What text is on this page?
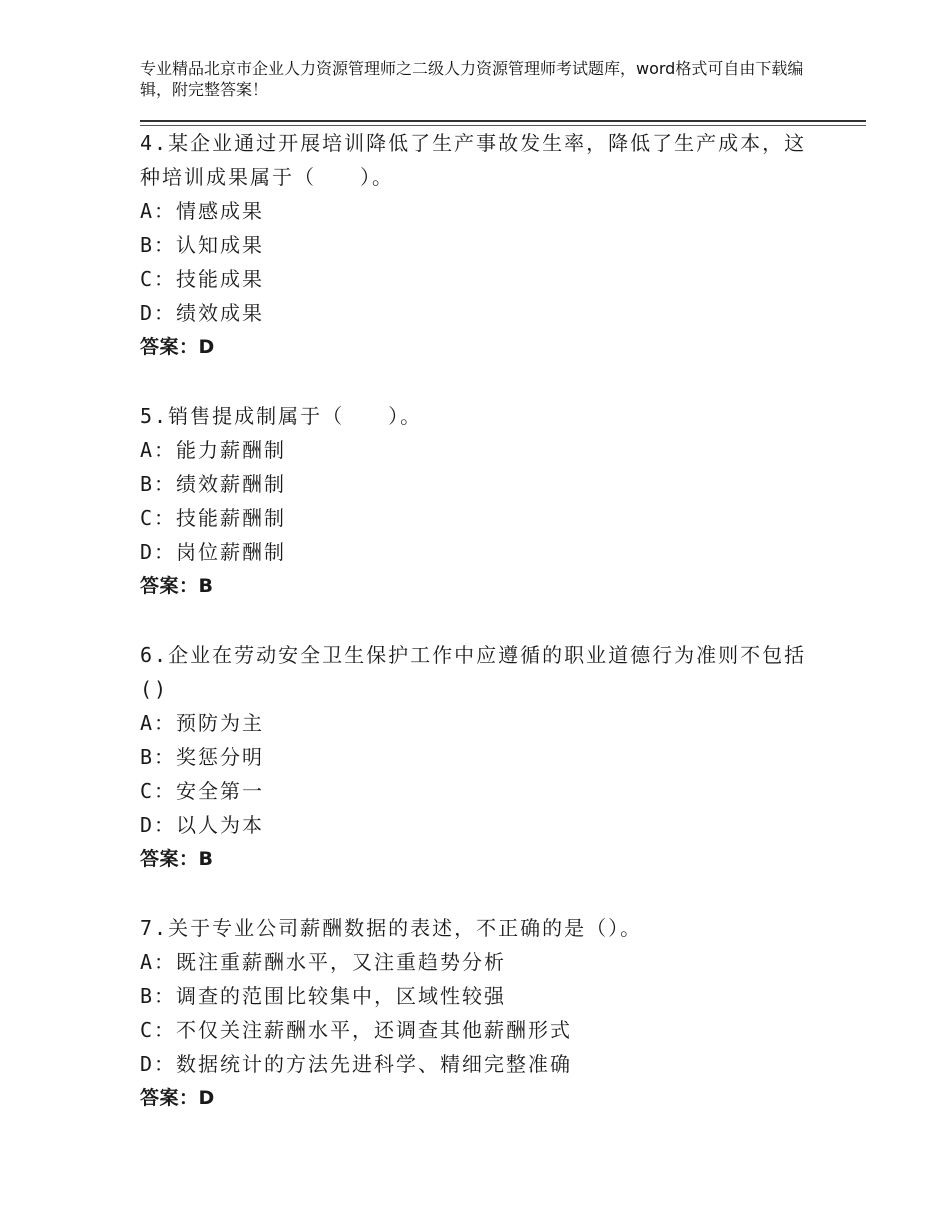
专业精品北京市企业人力资源管理师之二级人力资源管理师考试题库，word格式可自由下载编辑，附完整答案！

4.某企业通过开展培训降低了生产事故发生率，降低了生产成本，这种培训成果属于（　　）。

A：情感成果

B：认知成果

C：技能成果

D：绩效成果

答案：D

5.销售提成制属于（　　）。

A：能力薪酬制

B：绩效薪酬制

C：技能薪酬制

D：岗位薪酬制

答案：B

6.企业在劳动安全卫生保护工作中应遵循的职业道德行为准则不包括()

A：预防为主

B：奖惩分明

C：安全第一

D：以人为本

答案：B

7.关于专业公司薪酬数据的表述，不正确的是（）。

A：既注重薪酬水平，又注重趋势分析

B：调查的范围比较集中，区域性较强

C：不仅关注薪酬水平，还调查其他薪酬形式

D：数据统计的方法先进科学、精细完整准确

答案：D
